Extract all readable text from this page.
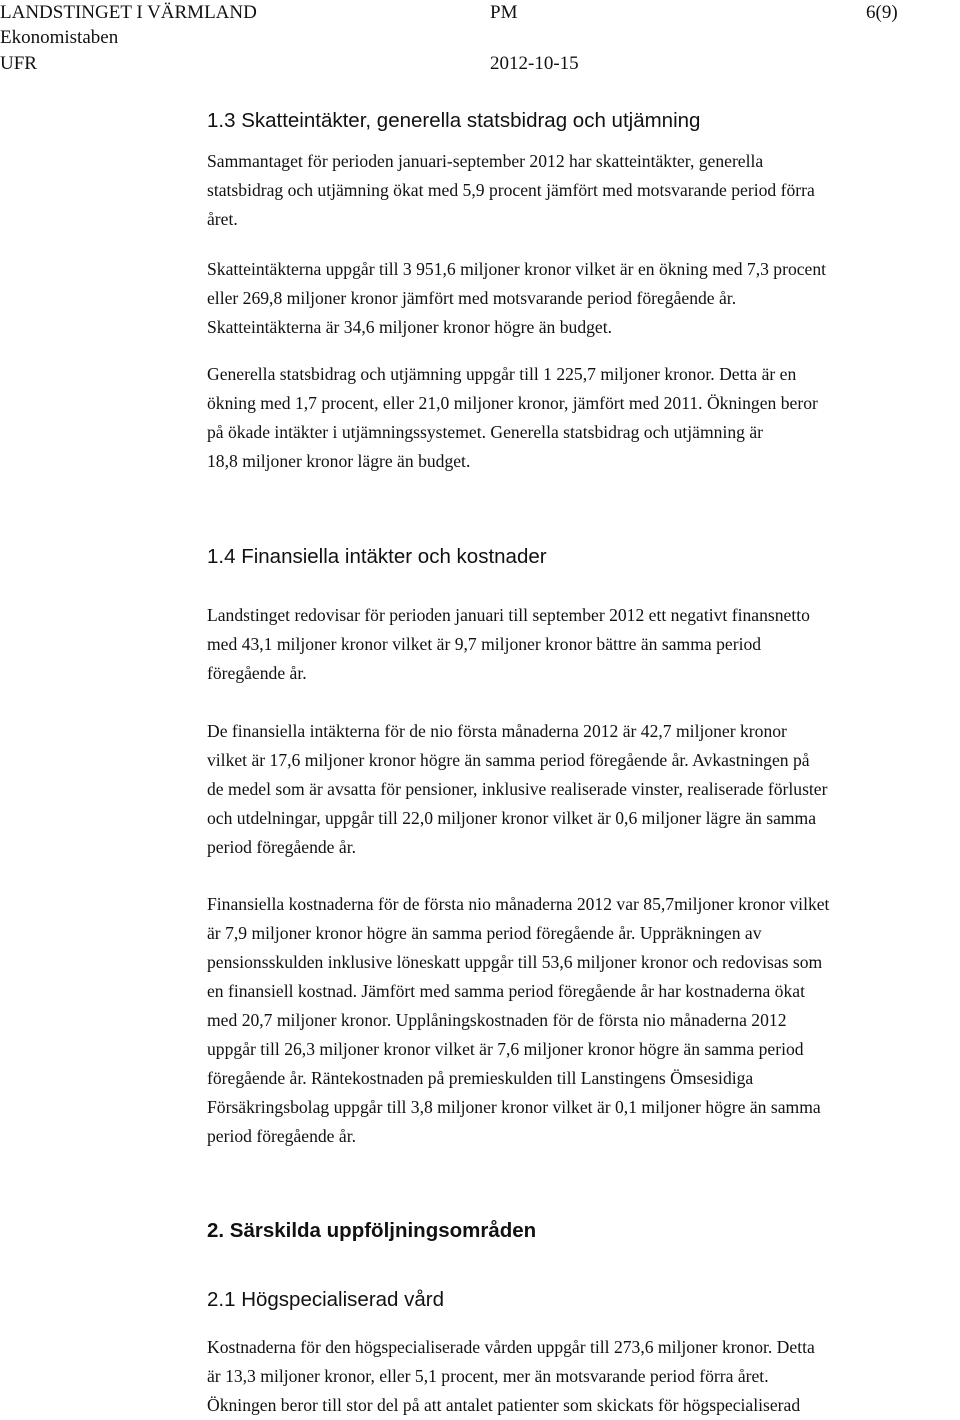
LANDSTINGET I VÄRMLAND	PM	6(9)
Ekonomistaben
UFR	2012-10-15
1.3 Skatteintäkter, generella statsbidrag och utjämning
Sammantaget för perioden januari-september 2012 har skatteintäkter, generella
statsbidrag och utjämning ökat med 5,9 procent jämfört med motsvarande period förra
året.
Skatteintäkterna uppgår till 3 951,6 miljoner kronor vilket är en ökning med 7,3 procent
eller 269,8 miljoner kronor jämfört med motsvarande period föregående år.
Skatteintäkterna är 34,6 miljoner kronor högre än budget.
Generella statsbidrag och utjämning uppgår till 1 225,7 miljoner kronor. Detta är en
ökning med 1,7 procent, eller 21,0 miljoner kronor, jämfört med 2011. Ökningen beror
på ökade intäkter i utjämningssystemet. Generella statsbidrag och utjämning är
18,8 miljoner kronor lägre än budget.
1.4 Finansiella intäkter och kostnader
Landstinget redovisar för perioden januari till september 2012 ett negativt finansnetto
med 43,1 miljoner kronor vilket är 9,7 miljoner kronor bättre än samma period
föregående år.
De finansiella intäkterna för de nio första månaderna 2012 är 42,7 miljoner kronor
vilket är 17,6 miljoner kronor högre än samma period föregående år. Avkastningen på
de medel som är avsatta för pensioner, inklusive realiserade vinster, realiserade förluster
och utdelningar, uppgår till 22,0 miljoner kronor vilket är 0,6 miljoner lägre än samma
period föregående år.
Finansiella kostnaderna för de första nio månaderna 2012 var 85,7miljoner kronor vilket
är 7,9 miljoner kronor högre än samma period föregående år. Uppräkningen av
pensionsskulden inklusive löneskatt uppgår till 53,6 miljoner kronor och redovisas som
en finansiell kostnad. Jämfört med samma period föregående år har kostnaderna ökat
med 20,7 miljoner kronor. Upplåningskostnaden för de första nio månaderna 2012
uppgår till 26,3 miljoner kronor vilket är 7,6 miljoner kronor högre än samma period
föregående år. Räntekostnaden på premieskulden till Lanstingens Ömsesidiga
Försäkringsbolag uppgår till 3,8 miljoner kronor vilket är 0,1 miljoner högre än samma
period föregående år.
2. Särskilda uppföljningsområden
2.1 Högspecialiserad vård
Kostnaderna för den högspecialiserade vården uppgår till 273,6 miljoner kronor. Detta
är 13,3 miljoner kronor, eller 5,1 procent, mer än motsvarande period förra året.
Ökningen beror till stor del på att antalet patienter som skickats för högspecialiserad
